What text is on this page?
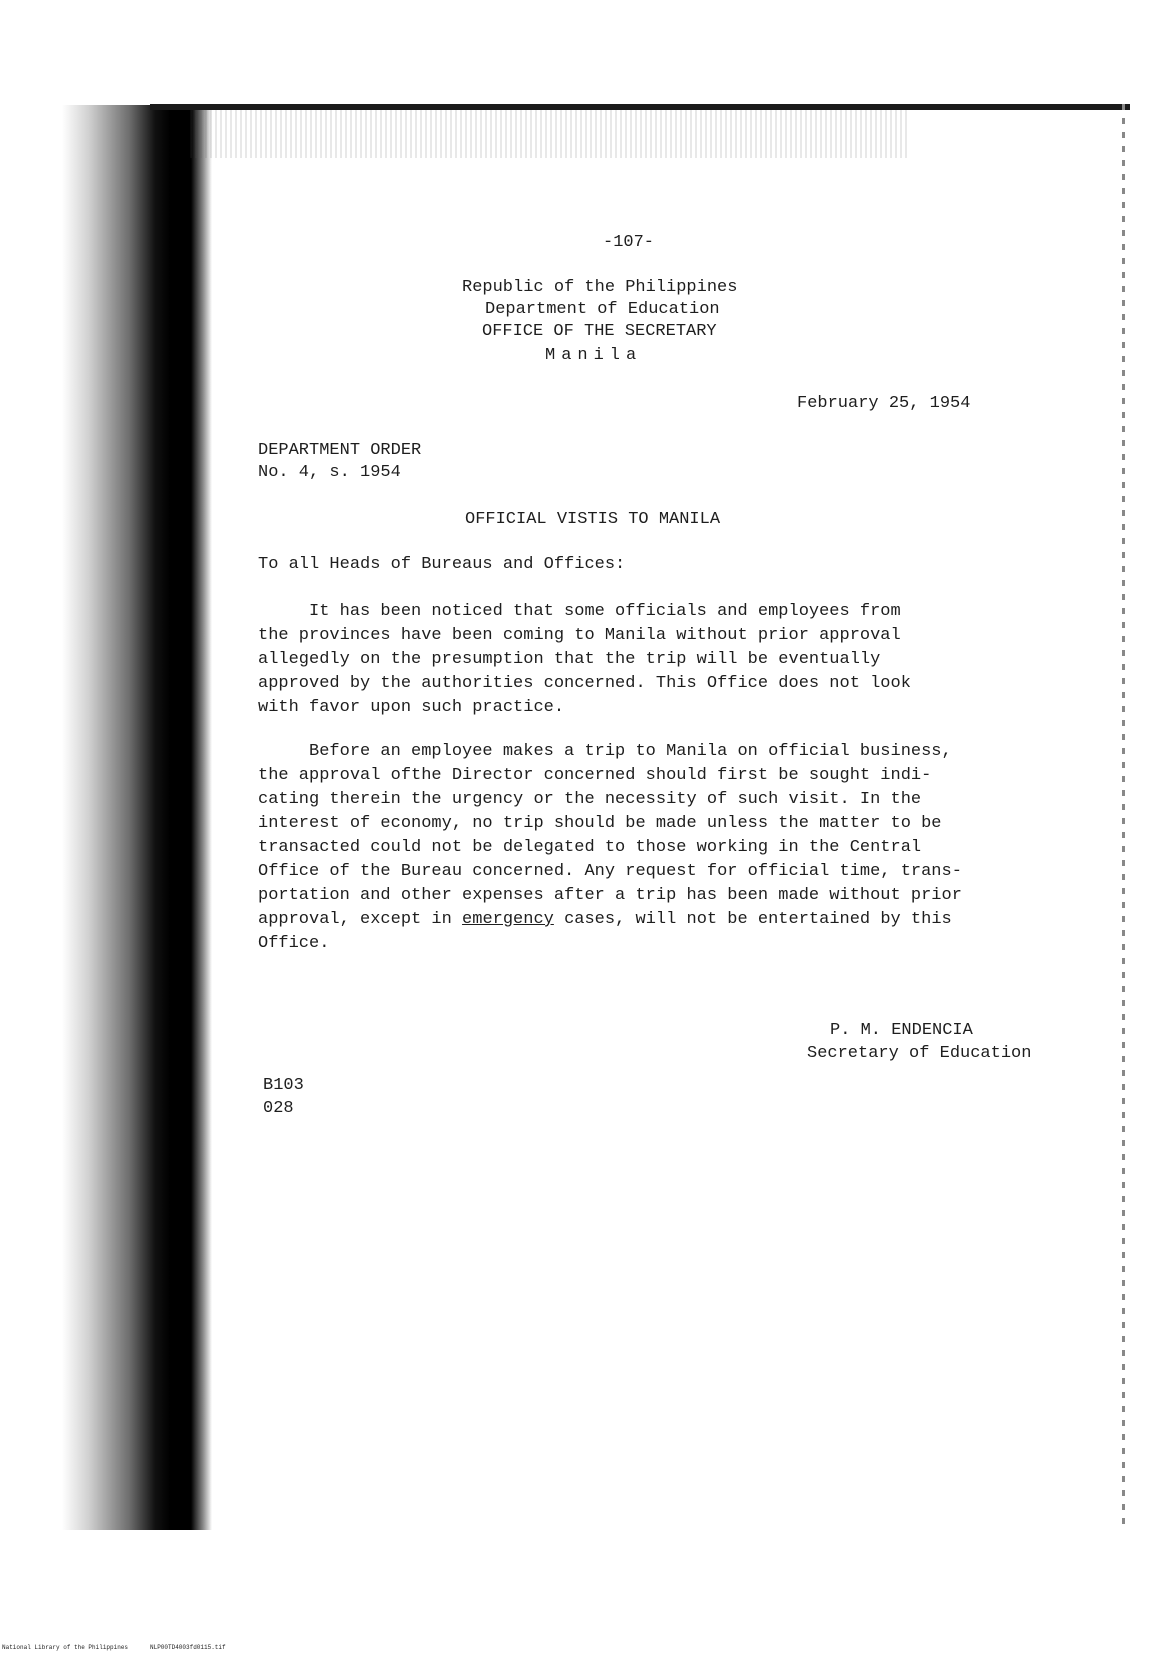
-107-

Republic of the Philippines

Department of Education

OFFICE OF THE SECRETARY

Manila

February 25, 1954

DEPARTMENT ORDER

No. 4, s. 1954

OFFICIAL VISTIS TO MANILA

To all Heads of Bureaus and Offices:

It has been noticed that some officials and employees from
the provinces have been coming to Manila without prior approval
allegedly on the presumption that the trip will be eventually
approved by the authorities concerned. This Office does not look
with favor upon such practice.
Before an employee makes a trip to Manila on official business,
the approval ofthe Director concerned should first be sought indi-
cating therein the urgency or the necessity of such visit. In the
interest of economy, no trip should be made unless the matter to be
transacted could not be delegated to those working in the Central
Office of the Bureau concerned. Any request for official time, trans-
portation and other expenses after a trip has been made without prior
approval, except in emergency cases, will not be entertained by this
Office.

P. M. ENDENCIA

Secretary of Education

B103

028

National Library of the Philippines	NLP00TD4003fd0115.tif
